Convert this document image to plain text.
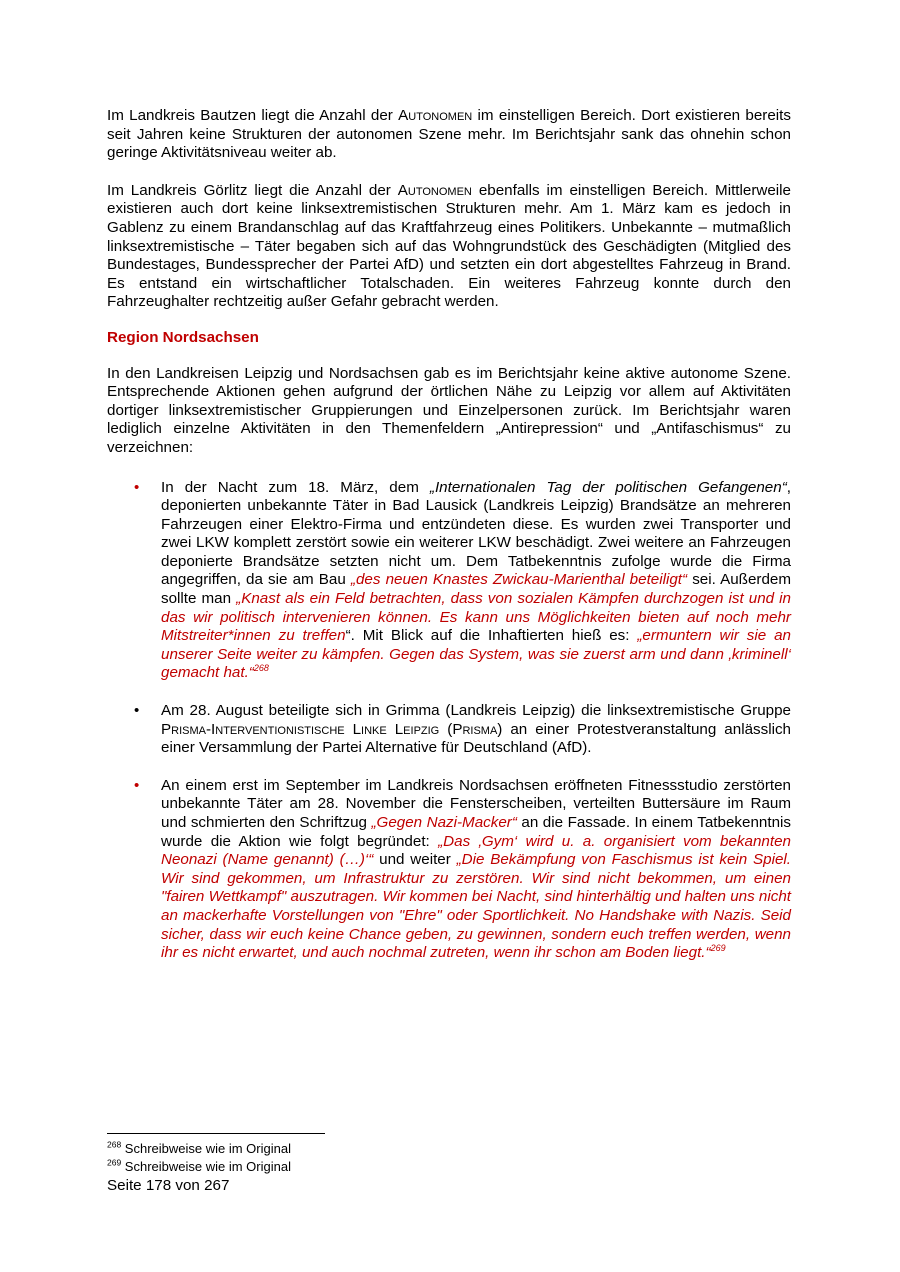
Im Landkreis Bautzen liegt die Anzahl der Autonomen im einstelligen Bereich. Dort existieren bereits seit Jahren keine Strukturen der autonomen Szene mehr. Im Berichtsjahr sank das ohnehin schon geringe Aktivitätsniveau weiter ab.

Im Landkreis Görlitz liegt die Anzahl der Autonomen ebenfalls im einstelligen Bereich. Mittlerweile existieren auch dort keine linksextremistischen Strukturen mehr. Am 1. März kam es jedoch in Gablenz zu einem Brandanschlag auf das Kraftfahrzeug eines Politikers. Unbekannte – mutmaßlich linksextremistische – Täter begaben sich auf das Wohngrundstück des Geschädigten (Mitglied des Bundestages, Bundessprecher der Partei AfD) und setzten ein dort abgestelltes Fahrzeug in Brand. Es entstand ein wirtschaftlicher Totalschaden. Ein weiteres Fahrzeug konnte durch den Fahrzeughalter rechtzeitig außer Gefahr gebracht werden.

Region Nordsachsen

In den Landkreisen Leipzig und Nordsachsen gab es im Berichtsjahr keine aktive autonome Szene. Entsprechende Aktionen gehen aufgrund der örtlichen Nähe zu Leipzig vor allem auf Aktivitäten dortiger linksextremistischer Gruppierungen und Einzelpersonen zurück. Im Berichtsjahr waren lediglich einzelne Aktivitäten in den Themenfeldern „Antirepression“ und „Antifaschismus“ zu verzeichnen:

• In der Nacht zum 18. März, dem „Internationalen Tag der politischen Gefangenen“, deponierten unbekannte Täter in Bad Lausick (Landkreis Leipzig) Brandsätze an mehreren Fahrzeugen einer Elektro-Firma und entzündeten diese. Es wurden zwei Transporter und zwei LKW komplett zerstört sowie ein weiterer LKW beschädigt. Zwei weitere an Fahrzeugen deponierte Brandsätze setzten nicht um. Dem Tatbekenntnis zufolge wurde die Firma angegriffen, da sie am Bau „des neuen Knastes Zwickau-Marienthal beteiligt“ sei. Außerdem sollte man „Knast als ein Feld betrachten, dass von sozialen Kämpfen durchzogen ist und in das wir politisch intervenieren können. Es kann uns Möglichkeiten bieten auf noch mehr Mitstreiter*innen zu treffen“. Mit Blick auf die Inhaftierten hieß es: „ermuntern wir sie an unserer Seite weiter zu kämpfen. Gegen das System, was sie zuerst arm und dann ‚kriminell‘ gemacht hat.“$^{268}$
• Am 28. August beteiligte sich in Grimma (Landkreis Leipzig) die linksextremistische Gruppe Prisma-Interventionistische Linke Leipzig (Prisma) an einer Protestveranstaltung anlässlich einer Versammlung der Partei Alternative für Deutschland (AfD).
• An einem erst im September im Landkreis Nordsachsen eröffneten Fitnessstudio zerstörten unbekannte Täter am 28. November die Fensterscheiben, verteilten Buttersäure im Raum und schmierten den Schriftzug „Gegen Nazi-Macker“ an die Fassade. In einem Tatbekenntnis wurde die Aktion wie folgt begründet: „Das ‚Gym‘ wird u. a. organisiert vom bekannten Neonazi (Name genannt) (…)‘“ und weiter „Die Bekämpfung von Faschismus ist kein Spiel. Wir sind gekommen, um Infrastruktur zu zerstören. Wir sind nicht bekommen, um einen "fairen Wettkampf" auszutragen. Wir kommen bei Nacht, sind hinterhältig und halten uns nicht an mackerhafte Vorstellungen von "Ehre" oder Sportlichkeit. No Handshake with Nazis. Seid sicher, dass wir euch keine Chance geben, zu gewinnen, sondern euch treffen werden, wenn ihr es nicht erwartet, und auch nochmal zutreten, wenn ihr schon am Boden liegt.“$^{269}$
$^{268}$ Schreibweise wie im Original
$^{269}$ Schreibweise wie im Original
Seite 178 von 267
